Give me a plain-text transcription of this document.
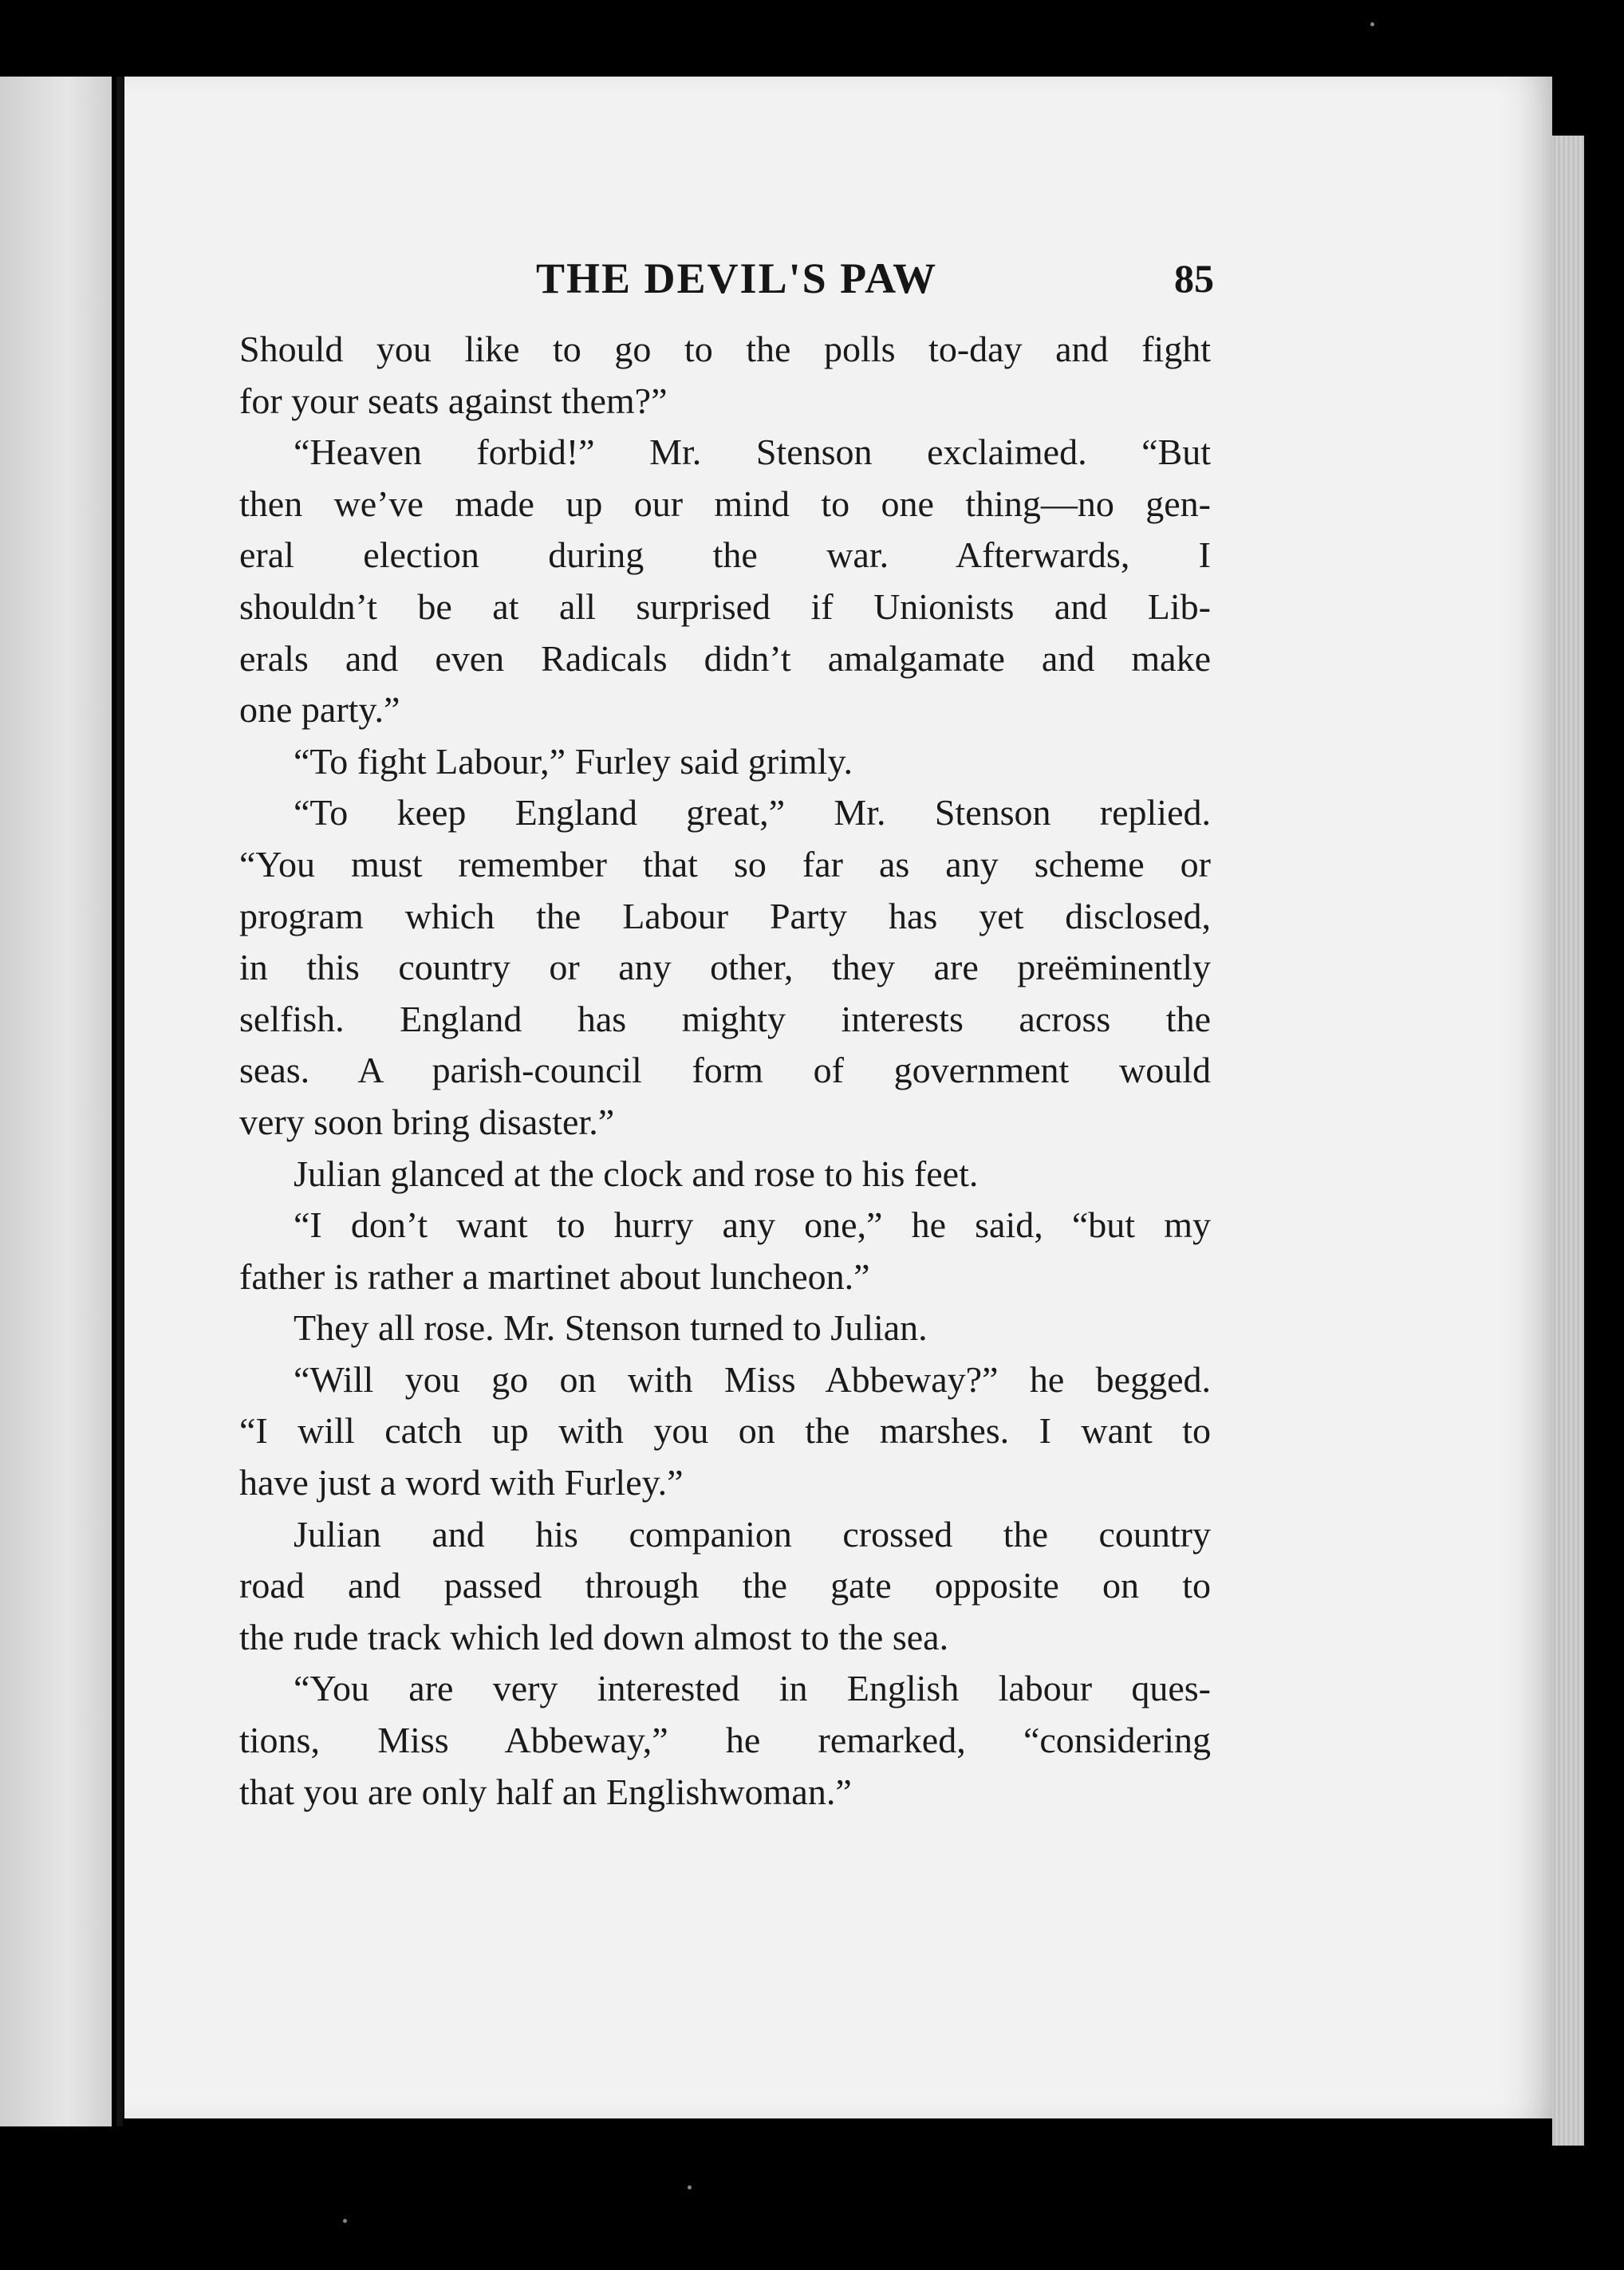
THE DEVIL'S PAW	85
Should you like to go to the polls to-day and fight
for your seats against them?”
“Heaven forbid!” Mr. Stenson exclaimed. “But
then we’ve made up our mind to one thing—no gen-
eral election during the war. Afterwards, I
shouldn’t be at all surprised if Unionists and Lib-
erals and even Radicals didn’t amalgamate and make
one party.”
“To fight Labour,” Furley said grimly.
“To keep England great,” Mr. Stenson replied.
“You must remember that so far as any scheme or
program which the Labour Party has yet disclosed,
in this country or any other, they are preëminently
selfish. England has mighty interests across the
seas. A parish-council form of government would
very soon bring disaster.”
Julian glanced at the clock and rose to his feet.
“I don’t want to hurry any one,” he said, “but my
father is rather a martinet about luncheon.”
They all rose. Mr. Stenson turned to Julian.
“Will you go on with Miss Abbeway?” he begged.
“I will catch up with you on the marshes. I want to
have just a word with Furley.”
Julian and his companion crossed the country
road and passed through the gate opposite on to
the rude track which led down almost to the sea.
“You are very interested in English labour ques-
tions, Miss Abbeway,” he remarked, “considering
that you are only half an Englishwoman.”
